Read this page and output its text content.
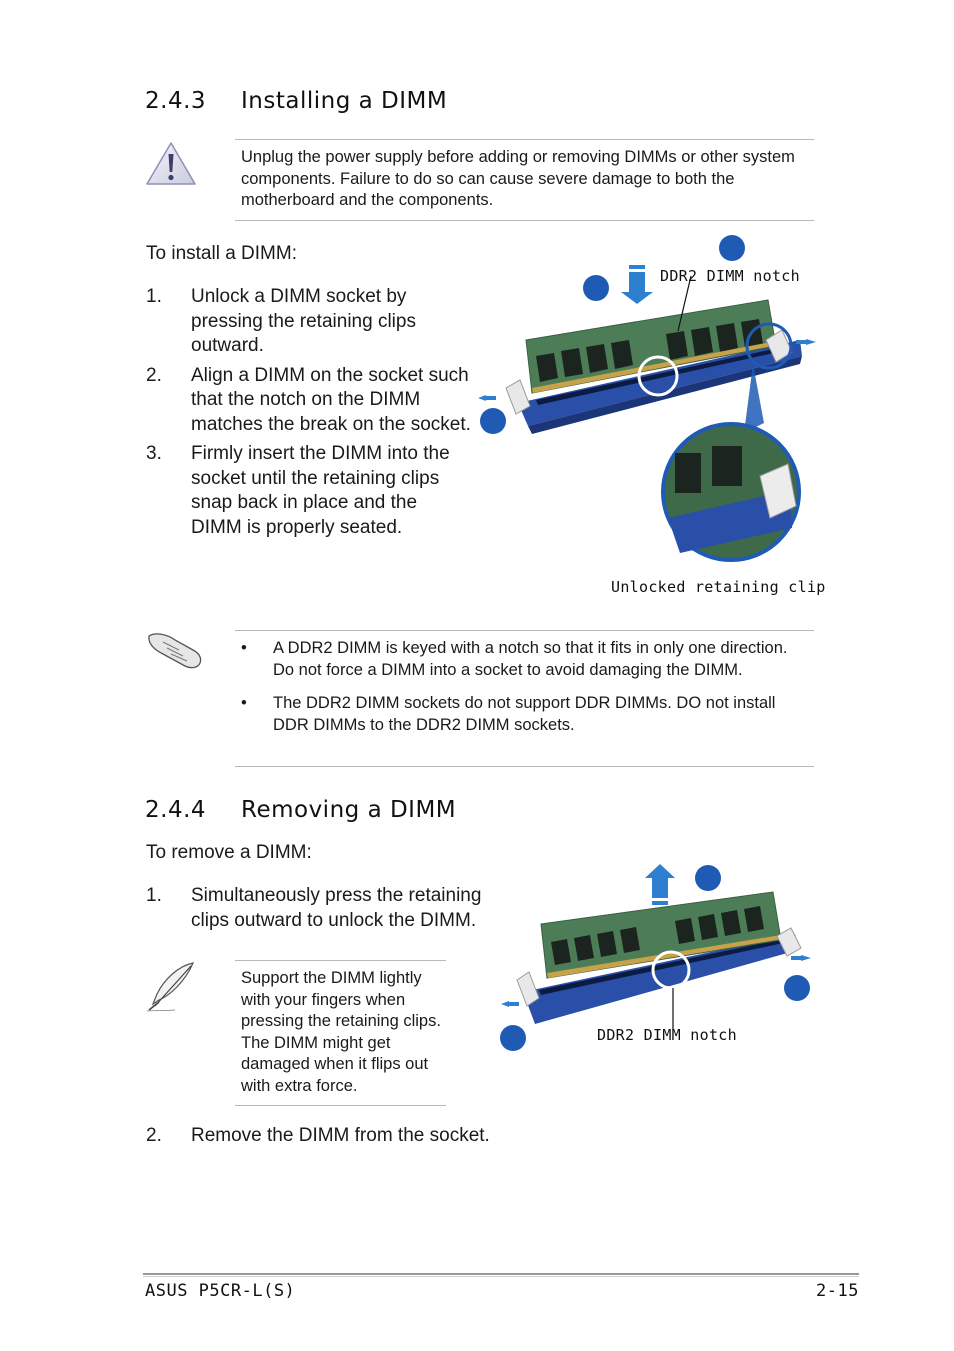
2.4.3 Installing a DIMM
Unplug the power supply before adding or removing DIMMs or other system components. Failure to do so can cause severe damage to both the motherboard and the components.
To install a DIMM:
1. Unlock a DIMM socket by pressing the retaining clips outward.
2. Align a DIMM on the socket such that the notch on the DIMM matches the break on the socket.
3. Firmly insert the DIMM into the socket until the retaining clips snap back in place and the DIMM is properly seated.
DDR2 DIMM notch
Unlocked retaining clip
• A DDR2 DIMM is keyed with a notch so that it fits in only one direction. Do not force a DIMM into a socket to avoid damaging the DIMM.
• The DDR2 DIMM sockets do not support DDR DIMMs. DO not install DDR DIMMs to the DDR2 DIMM sockets.
2.4.4 Removing a DIMM
To remove a DIMM:
1. Simultaneously press the retaining clips outward to unlock the DIMM.
Support the DIMM lightly with your fingers when pressing the retaining clips. The DIMM might get damaged when it flips out with extra force.
DDR2 DIMM notch
2. Remove the DIMM from the socket.
ASUS P5CR-L(S)	2-15
